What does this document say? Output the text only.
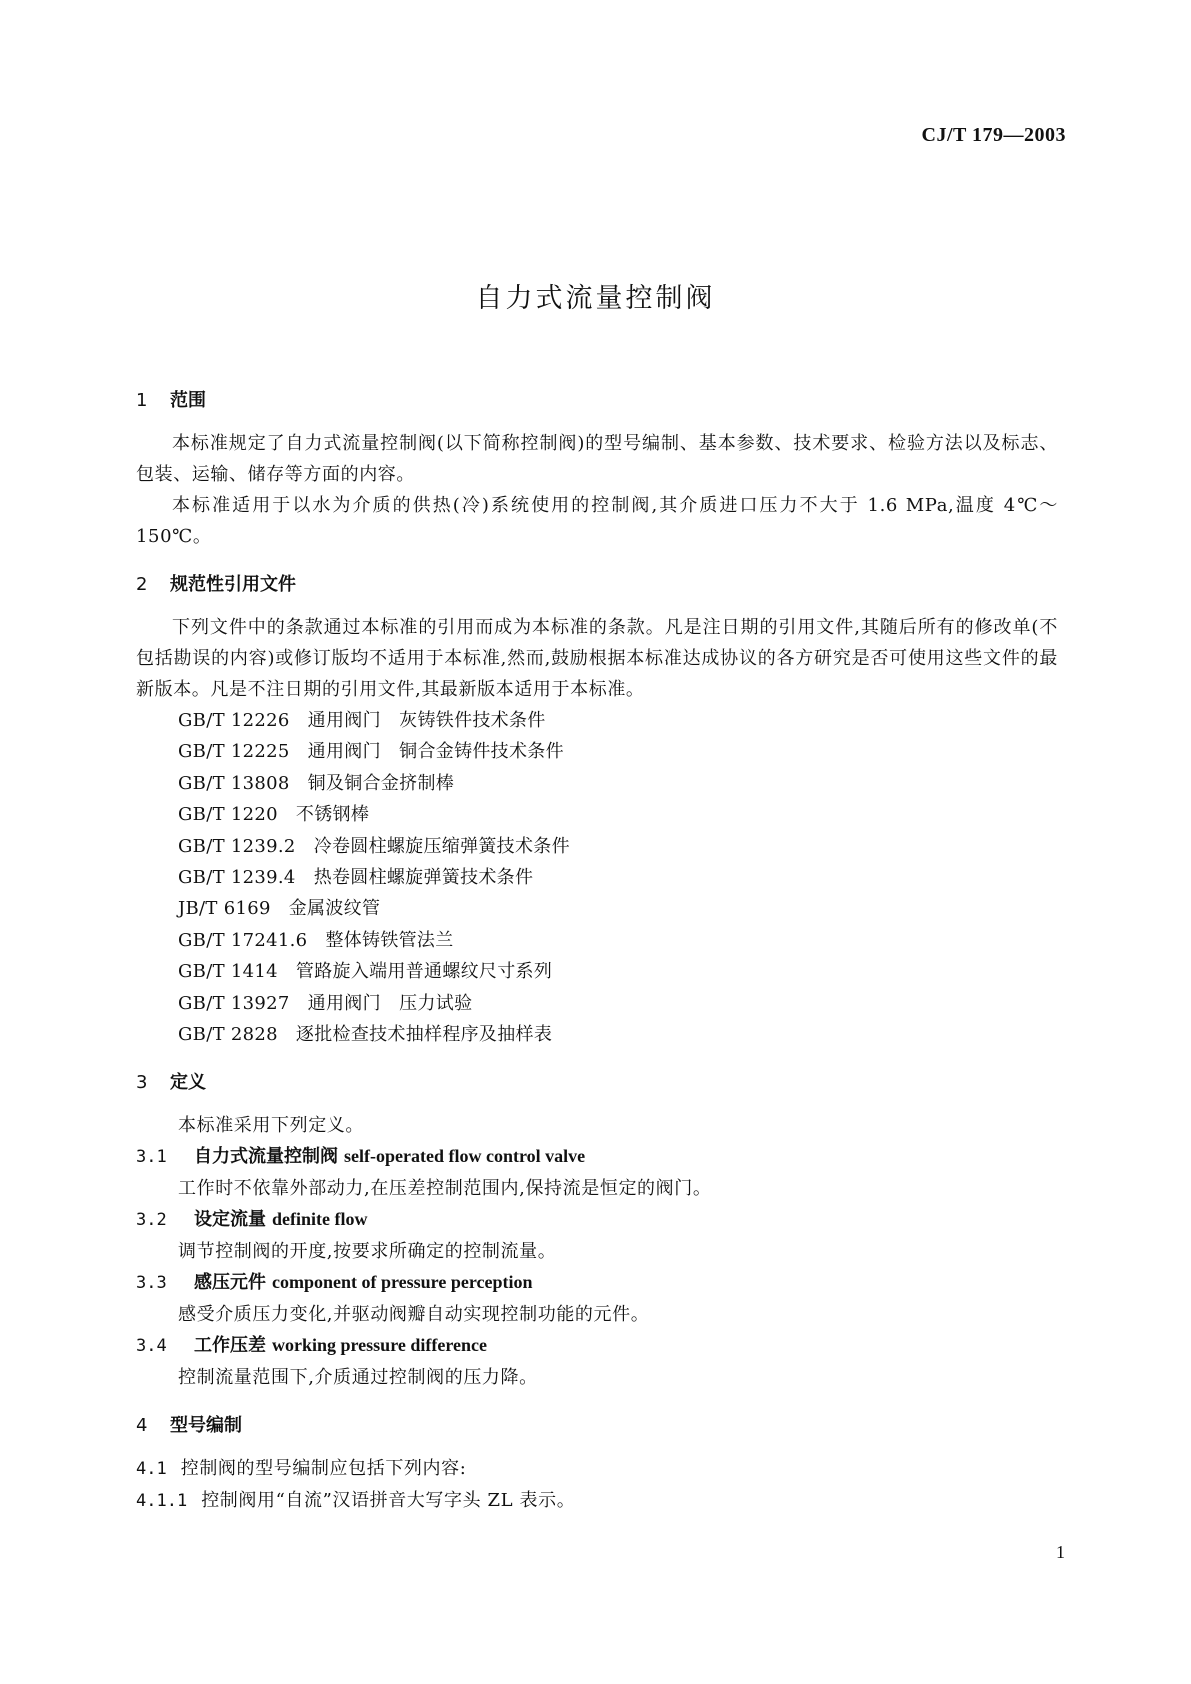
CJ/T 179—2003
自力式流量控制阀
1 范围

本标准规定了自力式流量控制阀(以下简称控制阀)的型号编制、基本参数、技术要求、检验方法以及标志、包装、运输、储存等方面的内容。

本标准适用于以水为介质的供热(冷)系统使用的控制阀,其介质进口压力不大于 1.6 MPa,温度 4℃～150℃。

2 规范性引用文件

下列文件中的条款通过本标准的引用而成为本标准的条款。凡是注日期的引用文件,其随后所有的修改单(不包括勘误的内容)或修订版均不适用于本标准,然而,鼓励根据本标准达成协议的各方研究是否可使用这些文件的最新版本。凡是不注日期的引用文件,其最新版本适用于本标准。

GB/T 12226 通用阀门　灰铸铁件技术条件

GB/T 12225 通用阀门　铜合金铸件技术条件

GB/T 13808 铜及铜合金挤制棒

GB/T 1220 不锈钢棒

GB/T 1239.2 冷卷圆柱螺旋压缩弹簧技术条件

GB/T 1239.4 热卷圆柱螺旋弹簧技术条件

JB/T 6169 金属波纹管

GB/T 17241.6 整体铸铁管法兰

GB/T 1414 管路旋入端用普通螺纹尺寸系列

GB/T 13927 通用阀门　压力试验

GB/T 2828 逐批检查技术抽样程序及抽样表

3 定义

本标准采用下列定义。

3.1 自力式流量控制阀 self-operated flow control valve

工作时不依靠外部动力,在压差控制范围内,保持流是恒定的阀门。

3.2 设定流量 definite flow

调节控制阀的开度,按要求所确定的控制流量。

3.3 感压元件 component of pressure perception

感受介质压力变化,并驱动阀瓣自动实现控制功能的元件。

3.4 工作压差 working pressure difference

控制流量范围下,介质通过控制阀的压力降。

4 型号编制

4.1 控制阀的型号编制应包括下列内容:

4.1.1 控制阀用“自流”汉语拼音大写字头 ZL 表示。

1
